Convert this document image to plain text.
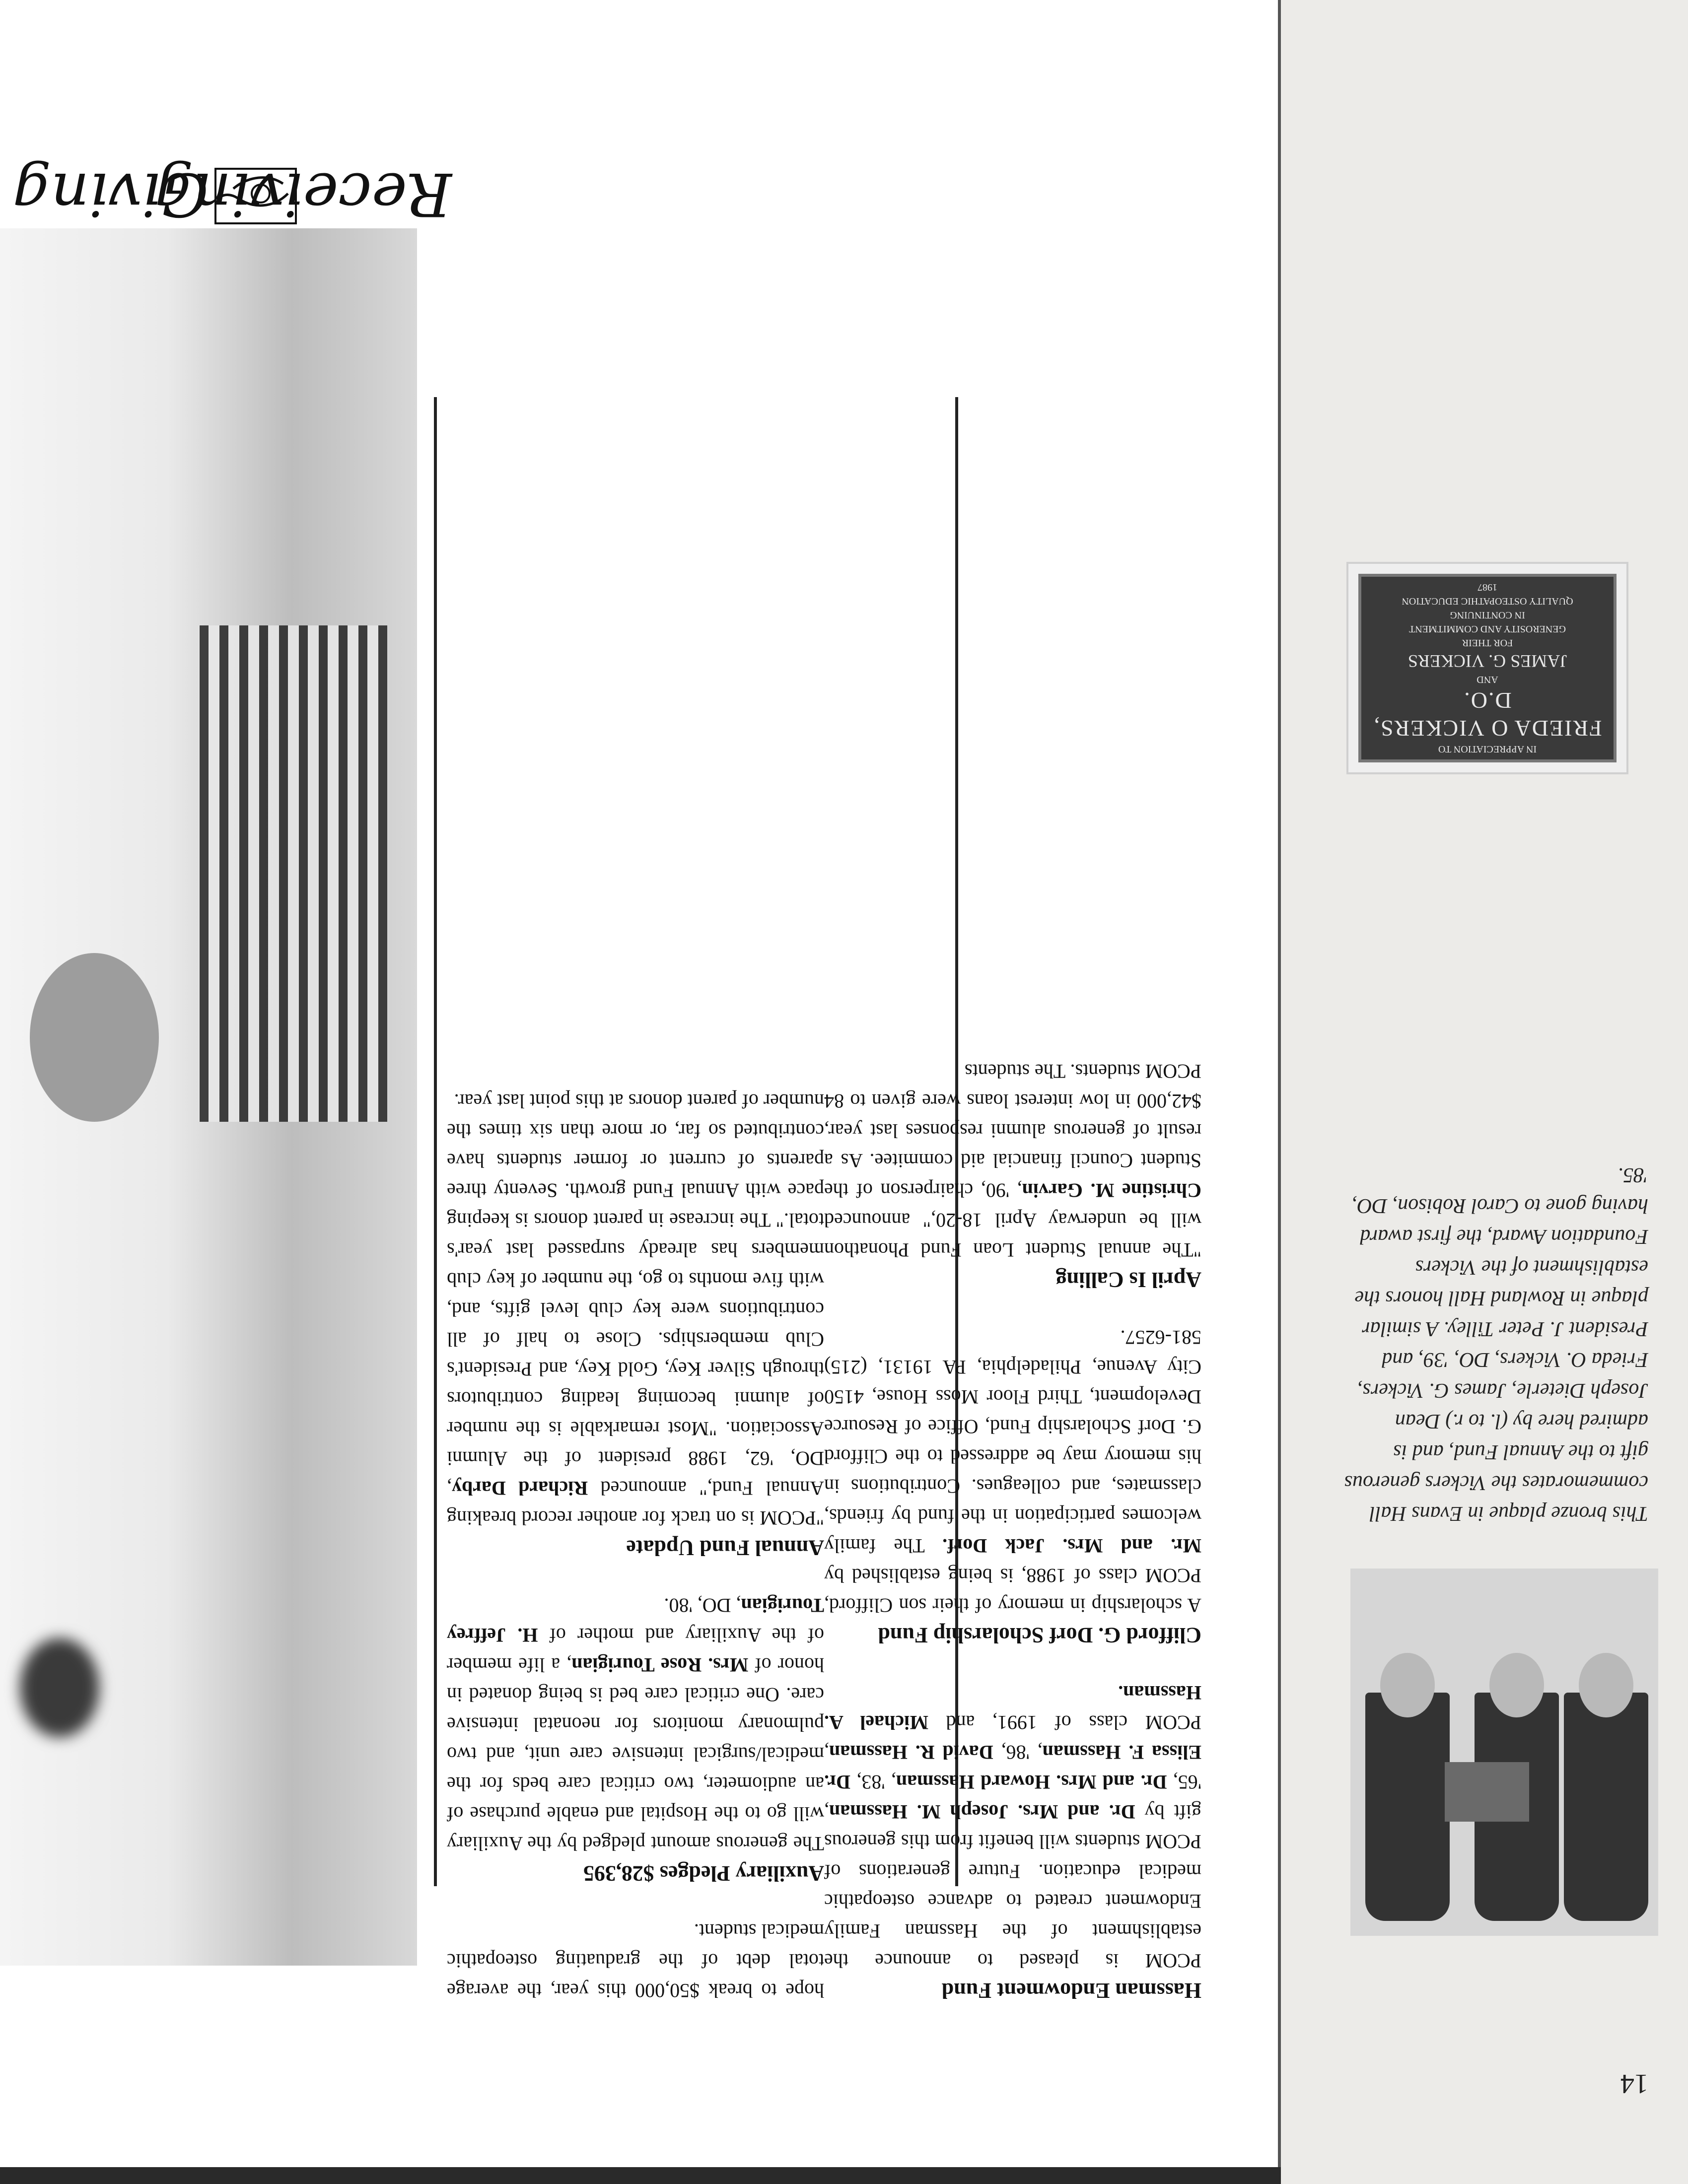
14
This bronze plaque in Evans Hall commemorates the Vickers generous gift to the Annual Fund, and is admired here by (l. to r.) Dean Joseph Dieterle, James G. Vickers, Frieda O. Vickers, DO, '39, and President J. Peter Tilley. A similar plaque in Rowland Hall honors the establishment of the Vickers Foundation Award, the first award having gone to Carol Robison, DO, '85.
IN APPRECIATION TO
FRIEDA O VICKERS, D.O.
AND
JAMES G. VICKERS
FOR THEIR
GENEROSITY AND COMMITMENT
IN CONTINUING
QUALITY OSTEOPATHIC EDUCATION
1987
Hassman Endowment Fund

PCOM is pleased to announce the establishment of the Hassman Family Endowment created to advance osteopathic medical education. Future generations of PCOM students will benefit from this generous gift by Dr. and Mrs. Joseph M. Hassman, '65, Dr. and Mrs. Howard Hassman, '83, Dr. Elissa F. Hassman, '86, David R. Hassman, PCOM class of 1991, and Michael A. Hassman.

Clifford G. Dorf Scholarship Fund

A scholarship in memory of their son Clifford, PCOM class of 1988, is being established by Mr. and Mrs. Jack Dorf. The family welcomes participation in the fund by friends, classmates, and colleagues. Contributions in his memory may be addressed to the Clifford G. Dorf Scholarship Fund, Office of Resource Development, Third Floor Moss House, 4150 City Avenue, Philadelphia, PA 19131, (215) 581-6257.

April Is Calling

"The annual Student Loan Fund Phonathon will be underway April 18-20," announced Christine M. Garvin, '90, chairperson of the Student Council financial aid commitee. As a result of generous alumni responses last year, $42,000 in low interest loans were given to 84 PCOM students. The students

hope to break $50,000 this year, the average total debt of the graduating osteopathic medical student.

Auxiliary Pledges $28,395

The generous amount pledged by the Auxiliary will go to the Hospital and enable purchase of an audiometer, two critical care beds for the medical/surgical intensive care unit, and two pulmonary monitors for neonatal intensive care. One critical care bed is being donated in honor of Mrs. Rose Tourigian, a life member of the Auxiliary and mother of H. Jeffrey Tourigian, DO, '80.

Annual Fund Update

"PCOM is on track for another record breaking Annual Fund," announced Richard Darby, DO, '62, 1988 president of the Alumni Association. "Most remarkable is the number of alumni becoming leading contributors through Silver Key, Gold Key, and President's Club memberships. Close to half of all contributions were key club level gifts, and, with five months to go, the number of key club members has already surpassed last year's total." The increase in parent donors is keeping pace with Annual Fund growth. Seventy three parents of current or former students have contributed so far, or more than six times the number of parent donors at this point last year.

Giving
Receiving
